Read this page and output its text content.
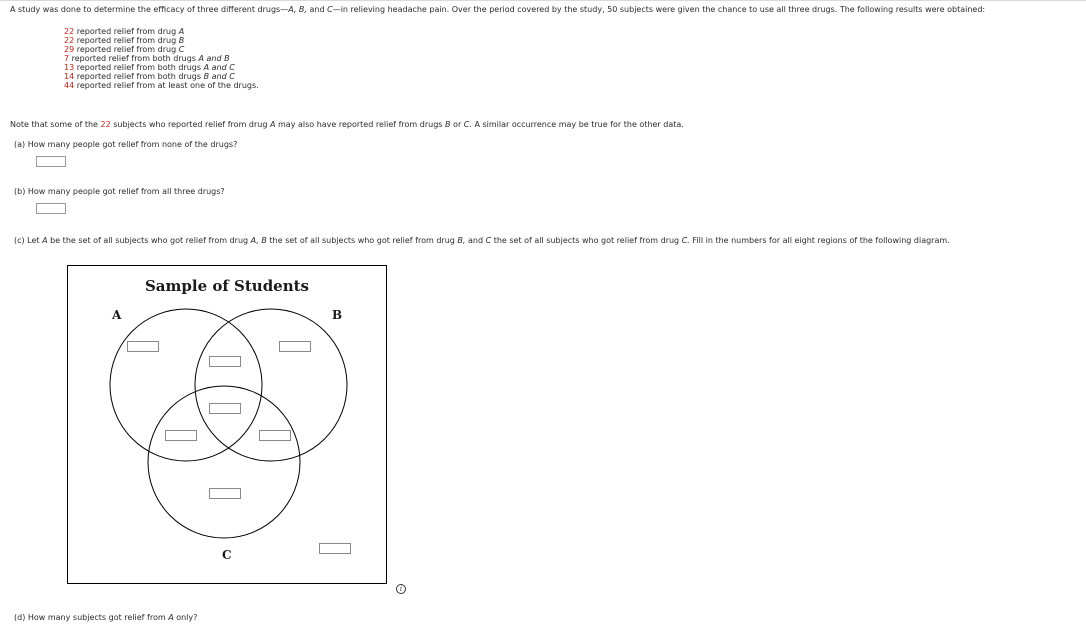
A study was done to determine the efficacy of three different drugs—A, B, and C—in relieving headache pain. Over the period covered by the study, 50 subjects were given the chance to use all three drugs. The following results were obtained:
22 reported relief from drug A
22 reported relief from drug B
29 reported relief from drug C
7 reported relief from both drugs A and B
13 reported relief from both drugs A and C
14 reported relief from both drugs B and C
44 reported relief from at least one of the drugs.
Note that some of the 22 subjects who reported relief from drug A may also have reported relief from drugs B or C. A similar occurrence may be true for the other data.
(a) How many people got relief from none of the drugs?
(b) How many people got relief from all three drugs?
(c) Let A be the set of all subjects who got relief from drug A, B the set of all subjects who got relief from drug B, and C the set of all subjects who got relief from drug C. Fill in the numbers for all eight regions of the following diagram.
Sample of Students
A	B
C
i
(d) How many subjects got relief from A only?
